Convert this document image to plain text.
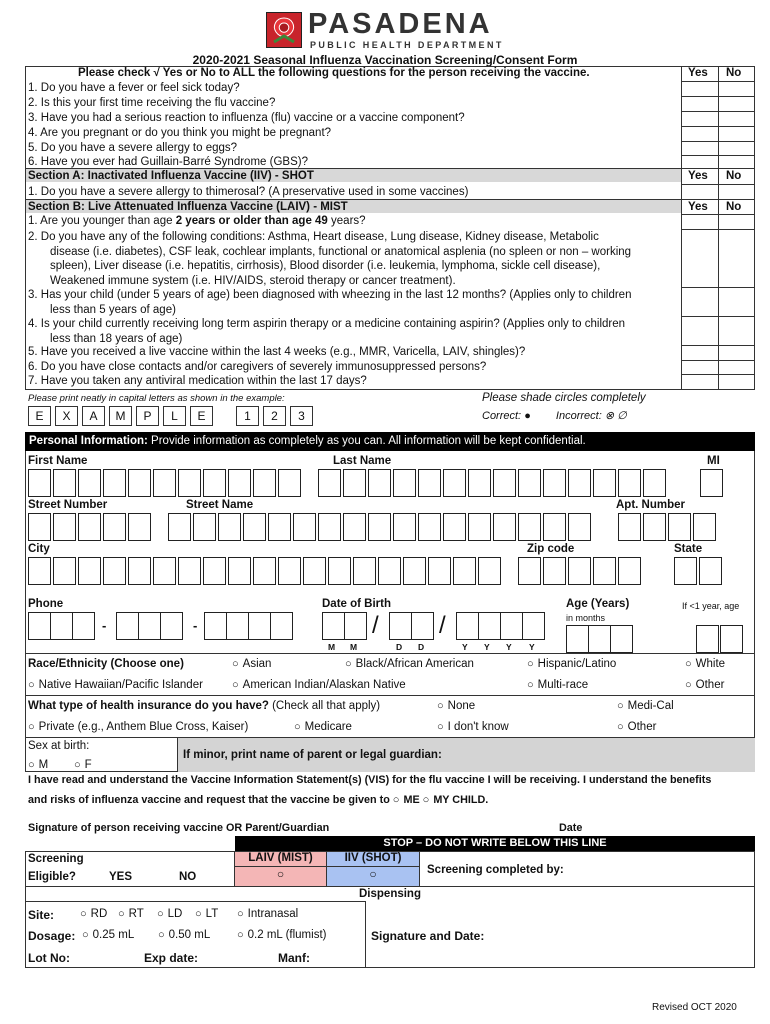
PASADENA
PUBLIC HEALTH DEPARTMENT
2020-2021 Seasonal Influenza Vaccination Screening/Consent Form
Please check √ Yes or No to ALL the following questions for the person receiving the vaccine.	Yes No
1. Do you have a fever or feel sick today?
2. Is this your first time receiving the flu vaccine?
3. Have you had a serious reaction to influenza (flu) vaccine or a vaccine component?
4. Are you pregnant or do you think you might be pregnant?
5. Do you have a severe allergy to eggs?
6. Have you ever had Guillain-Barré Syndrome (GBS)?
Section A: Inactivated Influenza Vaccine (IIV) - SHOT	Yes No
1. Do you have a severe allergy to thimerosal? (A preservative used in some vaccines)
Section B: Live Attenuated Influenza Vaccine (LAIV) - MIST	Yes No
1. Are you younger than age 2 years or older than age 49 years?
2. Do you have any of the following conditions: Asthma, Heart disease, Lung disease, Kidney disease, Metabolic
disease (i.e. diabetes), CSF leak, cochlear implants, functional or anatomical asplenia (no spleen or non – working
spleen), Liver disease (i.e. hepatitis, cirrhosis), Blood disorder (i.e. leukemia, lymphoma, sickle cell disease),
Weakened immune system (i.e. HIV/AIDS, steroid therapy or cancer treatment).
3. Has your child (under 5 years of age) been diagnosed with wheezing in the last 12 months? (Applies only to children
less than 5 years of age)
4. Is your child currently receiving long term aspirin therapy or a medicine containing aspirin? (Applies only to children
less than 18 years of age)
5. Have you received a live vaccine within the last 4 weeks (e.g., MMR, Varicella, LAIV, shingles)?
6. Do you have close contacts and/or caregivers of severely immunosuppressed persons?
7. Have you taken any antiviral medication within the last 17 days?
Please print neatly in capital letters as shown in the example:
E	X	A	M	P	L	E	1	2	3
Please shade circles completely
Correct: ● Incorrect: ⊗ ∅
Personal Information: Provide information as completely as you can. All information will be kept confidential.
First Name	Last Name	MI
Street Number	Street Name	Apt. Number
City	Zip code	State
Phone	Date of Birth	Age (Years)	If <1 year, age
in months
-	-	/	/
M M	D D	Y Y Y Y
Race/Ethnicity (Choose one)	○ Asian	○ Black/African American	○ Hispanic/Latino	○ White
○ Native Hawaiian/Pacific Islander	○ American Indian/Alaskan Native	○ Multi-race	○ Other
What type of health insurance do you have? (Check all that apply)	○ None	○ Medi-Cal
○ Private (e.g., Anthem Blue Cross, Kaiser)	○ Medicare	○ I don't know	○ Other
If minor, print name of parent or legal guardian:
Sex at birth:
○ M	○ F
I have read and understand the Vaccine Information Statement(s) (VIS) for the flu vaccine I will be receiving. I understand the benefits
and risks of influenza vaccine and request that the vaccine be given to ○ ME ○ MY CHILD.
Signature of person receiving vaccine OR Parent/Guardian	Date
STOP – DO NOT WRITE BELOW THIS LINE
Screening
Eligible?	YES	NO
LAIV (MIST)	IIV (SHOT)
○	○	Screening completed by:
Dispensing
Site:	○ RD	○ RT	○ LD	○ LT	○ Intranasal
Dosage:	○ 0.25 mL	○ 0.50 mL	○ 0.2 mL (flumist)	Signature and Date:
Lot No:	Exp date:	Manf:
Revised OCT 2020
